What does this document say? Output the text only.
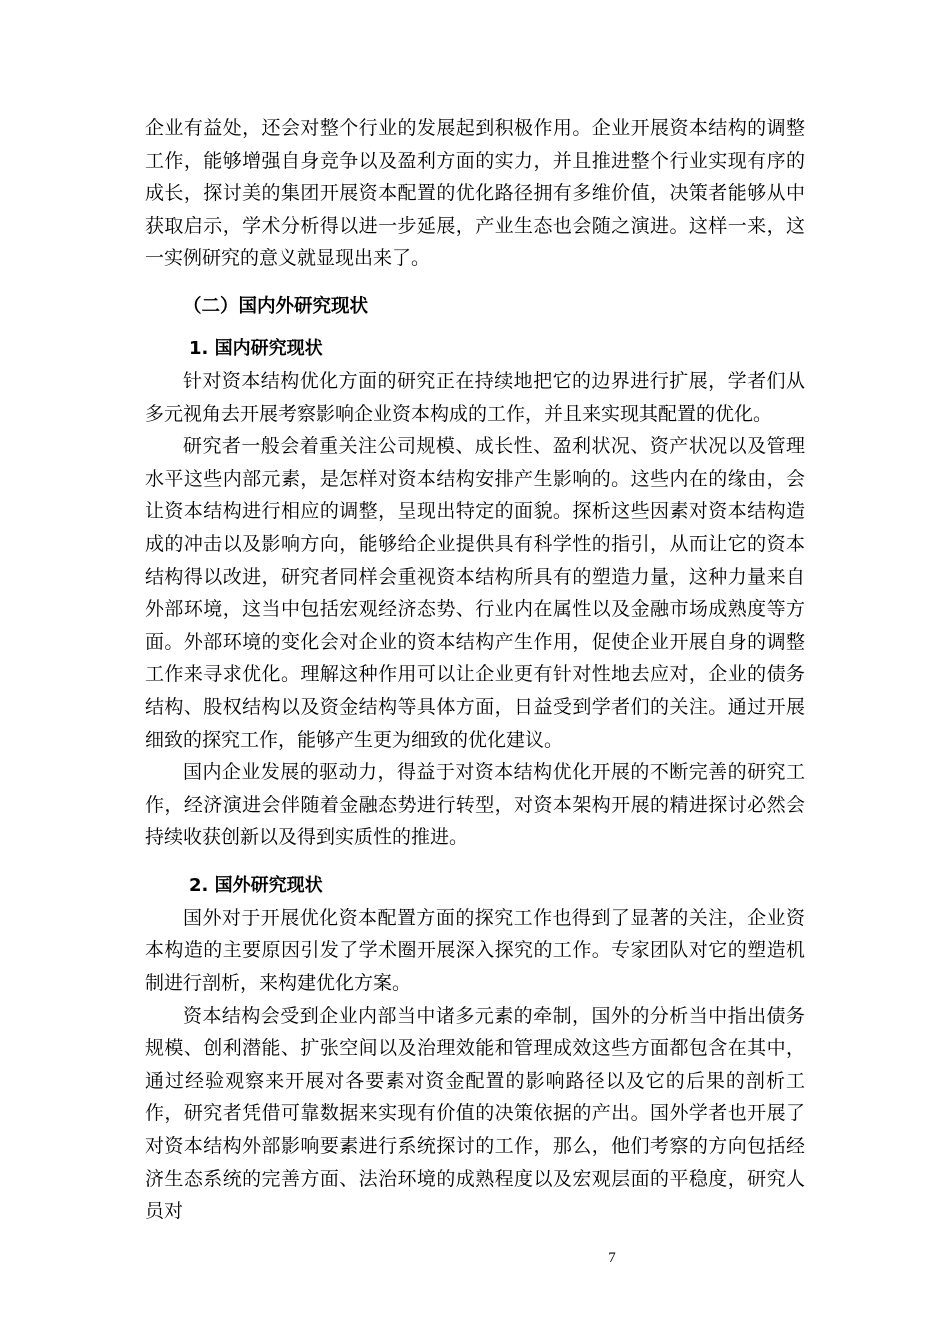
企业有益处，还会对整个行业的发展起到积极作用。企业开展资本结构的调整工作，能够增强自身竞争以及盈利方面的实力，并且推进整个行业实现有序的成长，探讨美的集团开展资本配置的优化路径拥有多维价值，决策者能够从中获取启示，学术分析得以进一步延展，产业生态也会随之演进。这样一来，这一实例研究的意义就显现出来了。

（二）国内外研究现状
1. 国内研究现状

针对资本结构优化方面的研究正在持续地把它的边界进行扩展，学者们从多元视角去开展考察影响企业资本构成的工作，并且来实现其配置的优化。

研究者一般会着重关注公司规模、成长性、盈利状况、资产状况以及管理水平这些内部元素，是怎样对资本结构安排产生影响的。这些内在的缘由，会让资本结构进行相应的调整，呈现出特定的面貌。探析这些因素对资本结构造成的冲击以及影响方向，能够给企业提供具有科学性的指引，从而让它的资本结构得以改进，研究者同样会重视资本结构所具有的塑造力量，这种力量来自外部环境，这当中包括宏观经济态势、行业内在属性以及金融市场成熟度等方面。外部环境的变化会对企业的资本结构产生作用，促使企业开展自身的调整工作来寻求优化。理解这种作用可以让企业更有针对性地去应对，企业的债务结构、股权结构以及资金结构等具体方面，日益受到学者们的关注。通过开展细致的探究工作，能够产生更为细致的优化建议。

国内企业发展的驱动力，得益于对资本结构优化开展的不断完善的研究工作，经济演进会伴随着金融态势进行转型，对资本架构开展的精进探讨必然会持续收获创新以及得到实质性的推进。

2. 国外研究现状

国外对于开展优化资本配置方面的探究工作也得到了显著的关注，企业资本构造的主要原因引发了学术圈开展深入探究的工作。专家团队对它的塑造机制进行剖析，来构建优化方案。

资本结构会受到企业内部当中诸多元素的牵制，国外的分析当中指出债务规模、创利潜能、扩张空间以及治理效能和管理成效这些方面都包含在其中，通过经验观察来开展对各要素对资金配置的影响路径以及它的后果的剖析工作，研究者凭借可靠数据来实现有价值的决策依据的产出。国外学者也开展了对资本结构外部影响要素进行系统探讨的工作，那么，他们考察的方向包括经济生态系统的完善方面、法治环境的成熟程度以及宏观层面的平稳度，研究人员对

7
